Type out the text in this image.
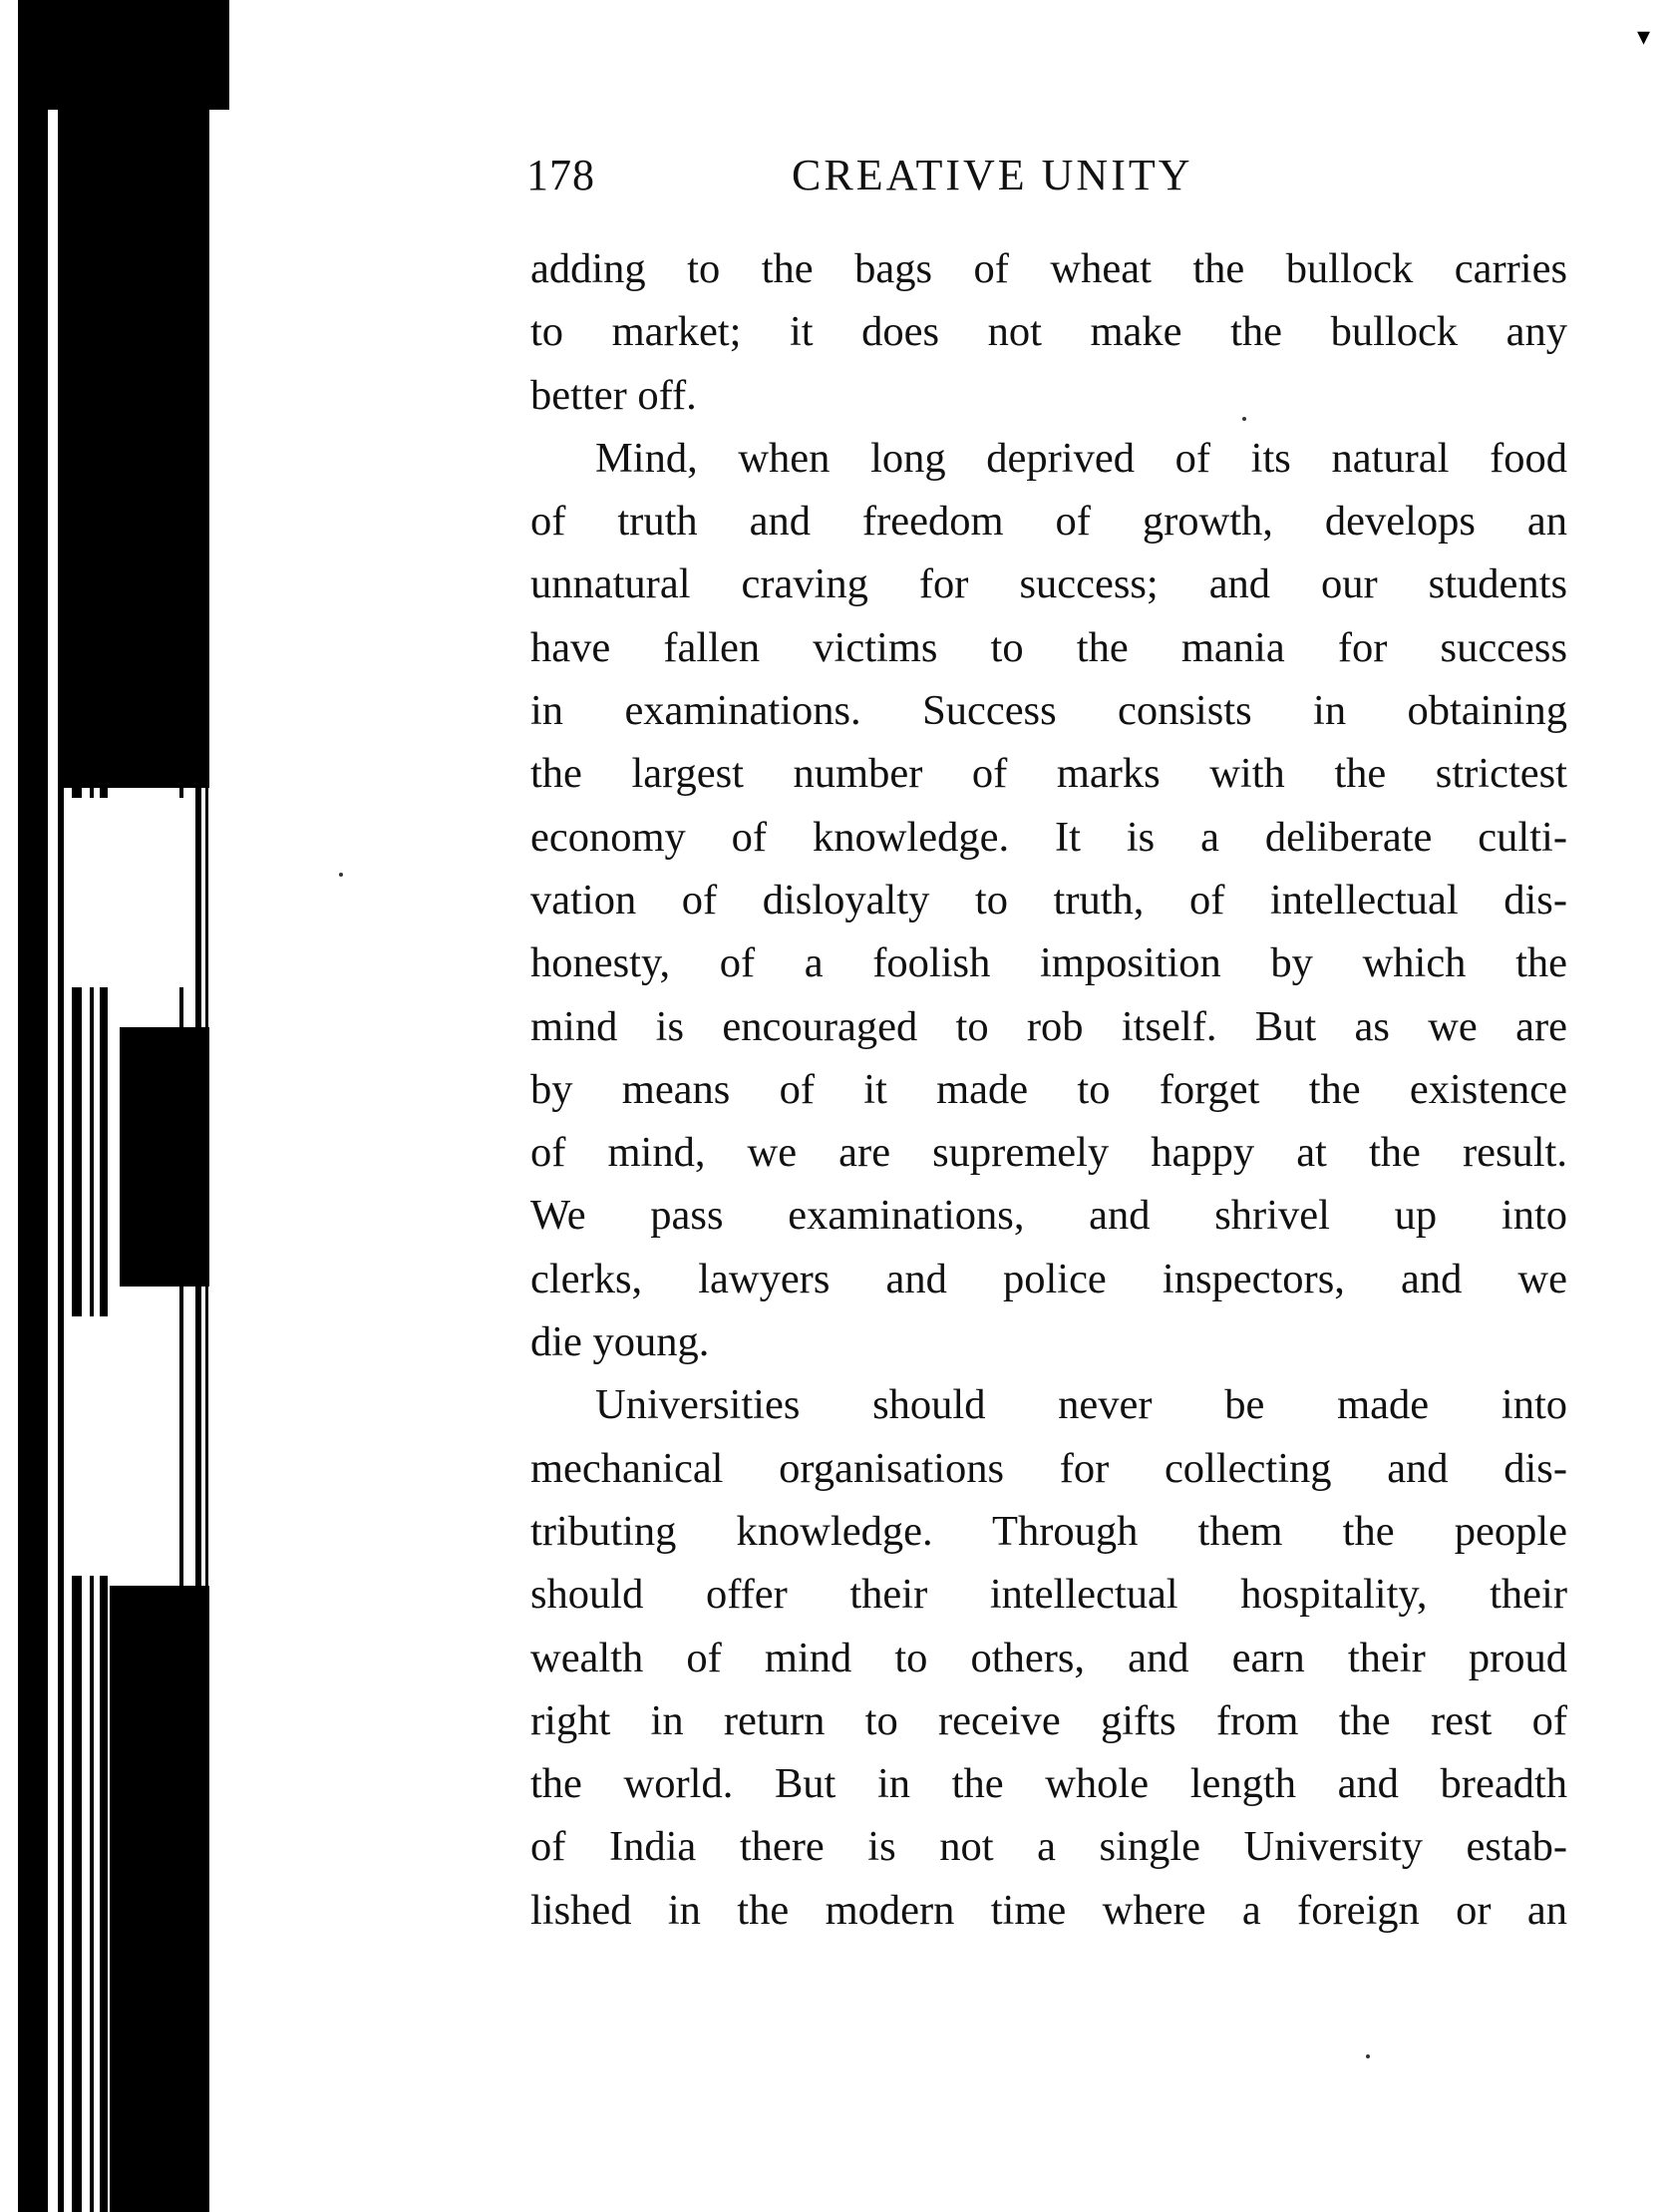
▾
178	CREATIVE UNITY
adding to the bags of wheat the bullock carries
to market; it does not make the bullock any
better off.
Mind, when long deprived of its natural food
of truth and freedom of growth, develops an
unnatural craving for success; and our students
have fallen victims to the mania for success
in examinations. Success consists in obtaining
the largest number of marks with the strictest
economy of knowledge. It is a deliberate culti-
vation of disloyalty to truth, of intellectual dis-
honesty, of a foolish imposition by which the
mind is encouraged to rob itself. But as we are
by means of it made to forget the existence
of mind, we are supremely happy at the result.
We pass examinations, and shrivel up into
clerks, lawyers and police inspectors, and we
die young.
Universities should never be made into
mechanical organisations for collecting and dis-
tributing knowledge. Through them the people
should offer their intellectual hospitality, their
wealth of mind to others, and earn their proud
right in return to receive gifts from the rest of
the world. But in the whole length and breadth
of India there is not a single University estab-
lished in the modern time where a foreign or an
